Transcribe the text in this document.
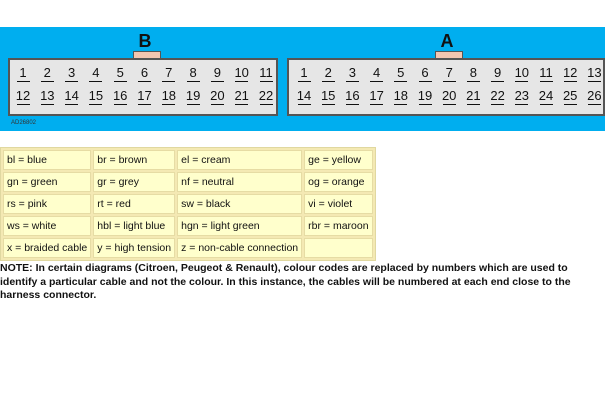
B
1	2	3	4	5	6	7	8	9	10 11
12 13 14 15 16 17 18 19 20 21 22
A
1	2	3	4	5	6	7	8	9	10 11 12 13
14 15 16 17 18 19 20 21 22 23 24 25 26
AD26802
bl = blue	br = brown	el = cream	ge = yellow
gn = green	gr = grey	nf = neutral	og = orange
rs = pink	rt = red	sw = black	vi = violet
ws = white	hbl = light blue	hgn = light green	rbr = maroon
x = braided cable	y = high tension	z = non-cable connection	
NOTE: In certain diagrams (Citroen, Peugeot & Renault), colour codes are replaced by numbers which are used to
identify a particular cable and not the colour. In this instance, the cables will be numbered at each end close to the
harness connector.
